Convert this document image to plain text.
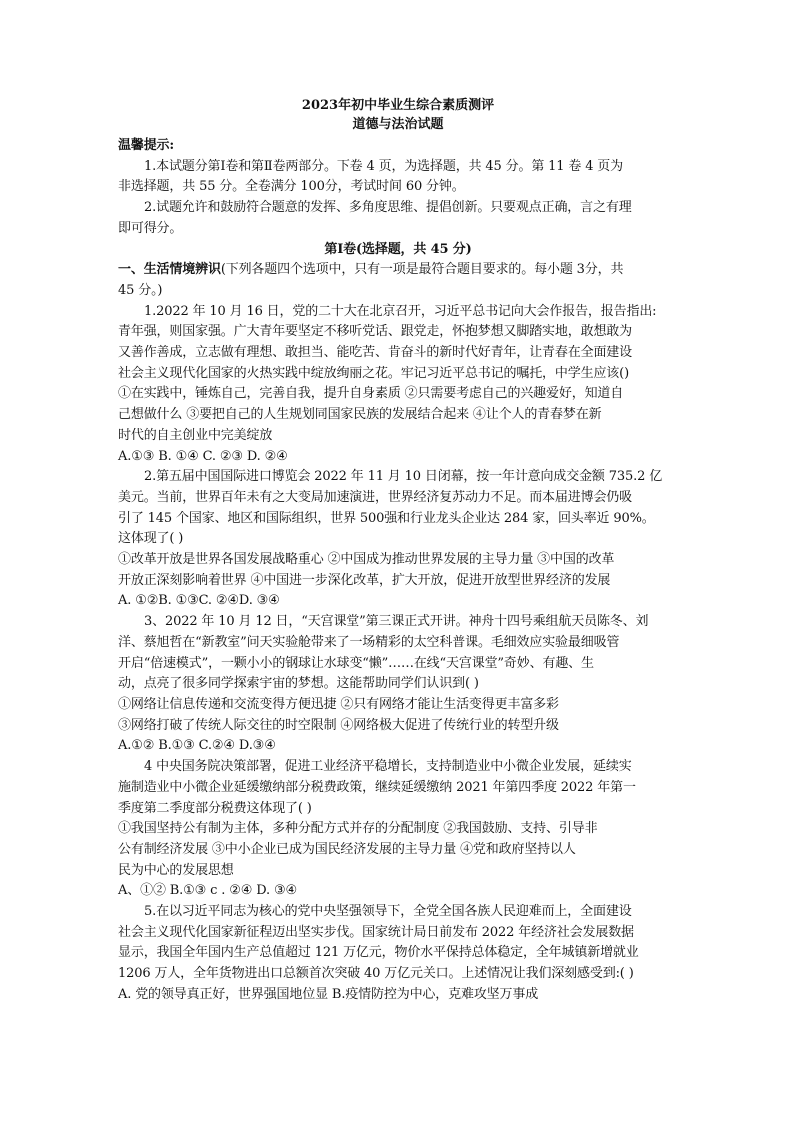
2023年初中毕业生综合素质测评

道德与法治试题

温馨提示:

1.本试题分第Ⅰ卷和第Ⅱ卷两部分。下卷 4 页，为选择题，共 45 分。第 11 卷 4 页为

非选择题，共 55 分。全卷满分 100分，考试时间 60 分钟。

2.试题允许和鼓励符合题意的发挥、多角度思维、提倡创新。只要观点正确，言之有理

即可得分。

第Ⅰ卷(选择题，共 45 分)

一、生活情境辨识(下列各题四个选项中，只有一项是最符合题目要求的。每小题 3分，共

45 分。)

1.2022 年 10 月 16 日，党的二十大在北京召开，习近平总书记向大会作报告，报告指出:

青年强，则国家强。广大青年要坚定不移听党话、跟党走，怀抱梦想又脚踏实地，敢想敢为

又善作善成，立志做有理想、敢担当、能吃苦、肯奋斗的新时代好青年，让青春在全面建设

社会主义现代化国家的火热实践中绽放绚丽之花。牢记习近平总书记的嘱托，中学生应该()

①在实践中，锤炼自己，完善自我，提升自身素质 ②只需要考虑自己的兴趣爱好，知道自

己想做什么 ③要把自己的人生规划同国家民族的发展结合起来 ④让个人的青春梦在新

时代的自主创业中完美绽放

A.①③ B. ①④ C. ②③ D. ②④

2.第五届中国国际进口博览会 2022 年 11 月 10 日闭幕，按一年计意向成交金额 735.2 亿

美元。当前，世界百年未有之大变局加速演进，世界经济复苏动力不足。而本届进博会仍吸

引了 145 个国家、地区和国际组织，世界 500强和行业龙头企业达 284 家，回头率近 90%。

这体现了( )

①改革开放是世界各国发展战略重心 ②中国成为推动世界发展的主导力量 ③中国的改革

开放正深刻影响着世界 ④中国进一步深化改革，扩大开放，促进开放型世界经济的发展

A. ①②B. ①③C. ②④D. ③④

3、2022 年 10 月 12 日，“天宫课堂”第三课正式开讲。神舟十四号乘组航天员陈冬、刘

洋、蔡旭哲在“新教室”问天实验舱带来了一场精彩的太空科普课。毛细效应实验最细吸管

开启“倍速模式”，一颗小小的钢球让水球变“懒”……在线“天宫课堂”奇妙、有趣、生

动，点亮了很多同学探索宇宙的梦想。这能帮助同学们认识到( )

①网络让信息传递和交流变得方便迅捷 ②只有网络才能让生活变得更丰富多彩

③网络打破了传统人际交往的时空限制 ④网络极大促进了传统行业的转型升级

A.①② B.①③ C.②④ D.③④

4 中央国务院决策部署，促进工业经济平稳增长，支持制造业中小微企业发展，延续实

施制造业中小微企业延缓缴纳部分税费政策，继续延缓缴纳 2021 年第四季度 2022 年第一

季度第二季度部分税费这体现了( )

①我国坚持公有制为主体，多种分配方式并存的分配制度 ②我国鼓励、支持、引导非

公有制经济发展 ③中小企业已成为国民经济发展的主导力量 ④党和政府坚持以人

民为中心的发展思想

A、①② B.①③ c . ②④ D. ③④

5.在以习近平同志为核心的党中央坚强领导下，全党全国各族人民迎难而上，全面建设

社会主义现代化国家新征程迈出坚实步伐。国家统计局日前发布 2022 年经济社会发展数据

显示，我国全年国内生产总值超过 121 万亿元，物价水平保持总体稳定，全年城镇新增就业

1206 万人，全年货物进出口总额首次突破 40 万亿元关口。上述情况让我们深刻感受到:( )

A. 党的领导真正好，世界强国地位显 B.疫情防控为中心，克难攻坚万事成
